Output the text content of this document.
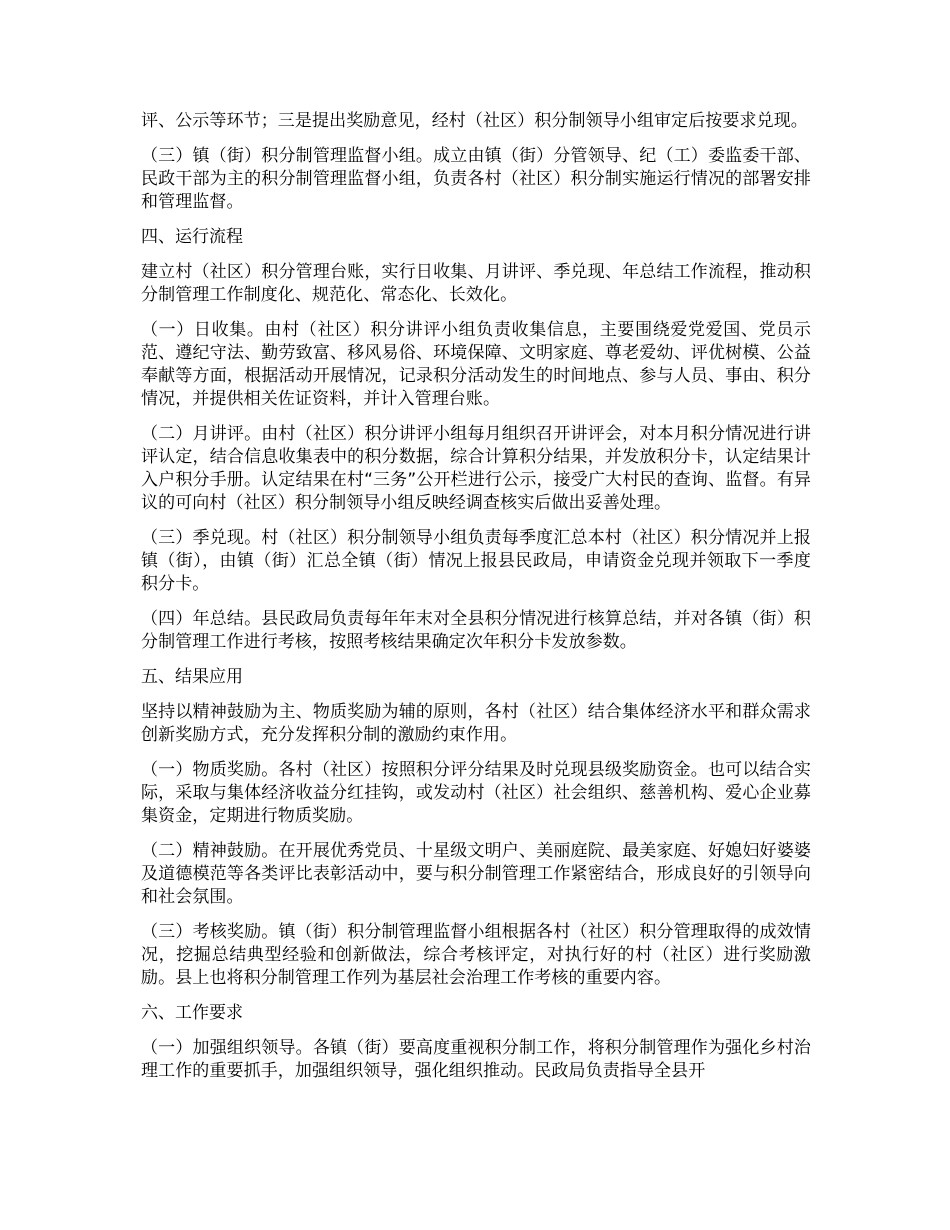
评、公示等环节；三是提出奖励意见，经村（社区）积分制领导小组审定后按要求兑现。

（三）镇（街）积分制管理监督小组。成立由镇（街）分管领导、纪（工）委监委干部、民政干部为主的积分制管理监督小组，负责各村（社区）积分制实施运行情况的部署安排和管理监督。

四、运行流程

建立村（社区）积分管理台账，实行日收集、月讲评、季兑现、年总结工作流程，推动积分制管理工作制度化、规范化、常态化、长效化。

（一）日收集。由村（社区）积分讲评小组负责收集信息，主要围绕爱党爱国、党员示范、遵纪守法、勤劳致富、移风易俗、环境保障、文明家庭、尊老爱幼、评优树模、公益奉献等方面，根据活动开展情况，记录积分活动发生的时间地点、参与人员、事由、积分情况，并提供相关佐证资料，并计入管理台账。

（二）月讲评。由村（社区）积分讲评小组每月组织召开讲评会，对本月积分情况进行讲评认定，结合信息收集表中的积分数据，综合计算积分结果，并发放积分卡，认定结果计入户积分手册。认定结果在村“三务”公开栏进行公示，接受广大村民的查询、监督。有异议的可向村（社区）积分制领导小组反映经调查核实后做出妥善处理。

（三）季兑现。村（社区）积分制领导小组负责每季度汇总本村（社区）积分情况并上报镇（街），由镇（街）汇总全镇（街）情况上报县民政局，申请资金兑现并领取下一季度积分卡。

（四）年总结。县民政局负责每年年末对全县积分情况进行核算总结，并对各镇（街）积分制管理工作进行考核，按照考核结果确定次年积分卡发放参数。

五、结果应用

坚持以精神鼓励为主、物质奖励为辅的原则，各村（社区）结合集体经济水平和群众需求创新奖励方式，充分发挥积分制的激励约束作用。

（一）物质奖励。各村（社区）按照积分评分结果及时兑现县级奖励资金。也可以结合实际，采取与集体经济收益分红挂钩，或发动村（社区）社会组织、慈善机构、爱心企业募集资金，定期进行物质奖励。

（二）精神鼓励。在开展优秀党员、十星级文明户、美丽庭院、最美家庭、好媳妇好婆婆及道德模范等各类评比表彰活动中，要与积分制管理工作紧密结合，形成良好的引领导向和社会氛围。

（三）考核奖励。镇（街）积分制管理监督小组根据各村（社区）积分管理取得的成效情况，挖掘总结典型经验和创新做法，综合考核评定，对执行好的村（社区）进行奖励激励。县上也将积分制管理工作列为基层社会治理工作考核的重要内容。

六、工作要求

（一）加强组织领导。各镇（街）要高度重视积分制工作，将积分制管理作为强化乡村治理工作的重要抓手，加强组织领导，强化组织推动。民政局负责指导全县开
